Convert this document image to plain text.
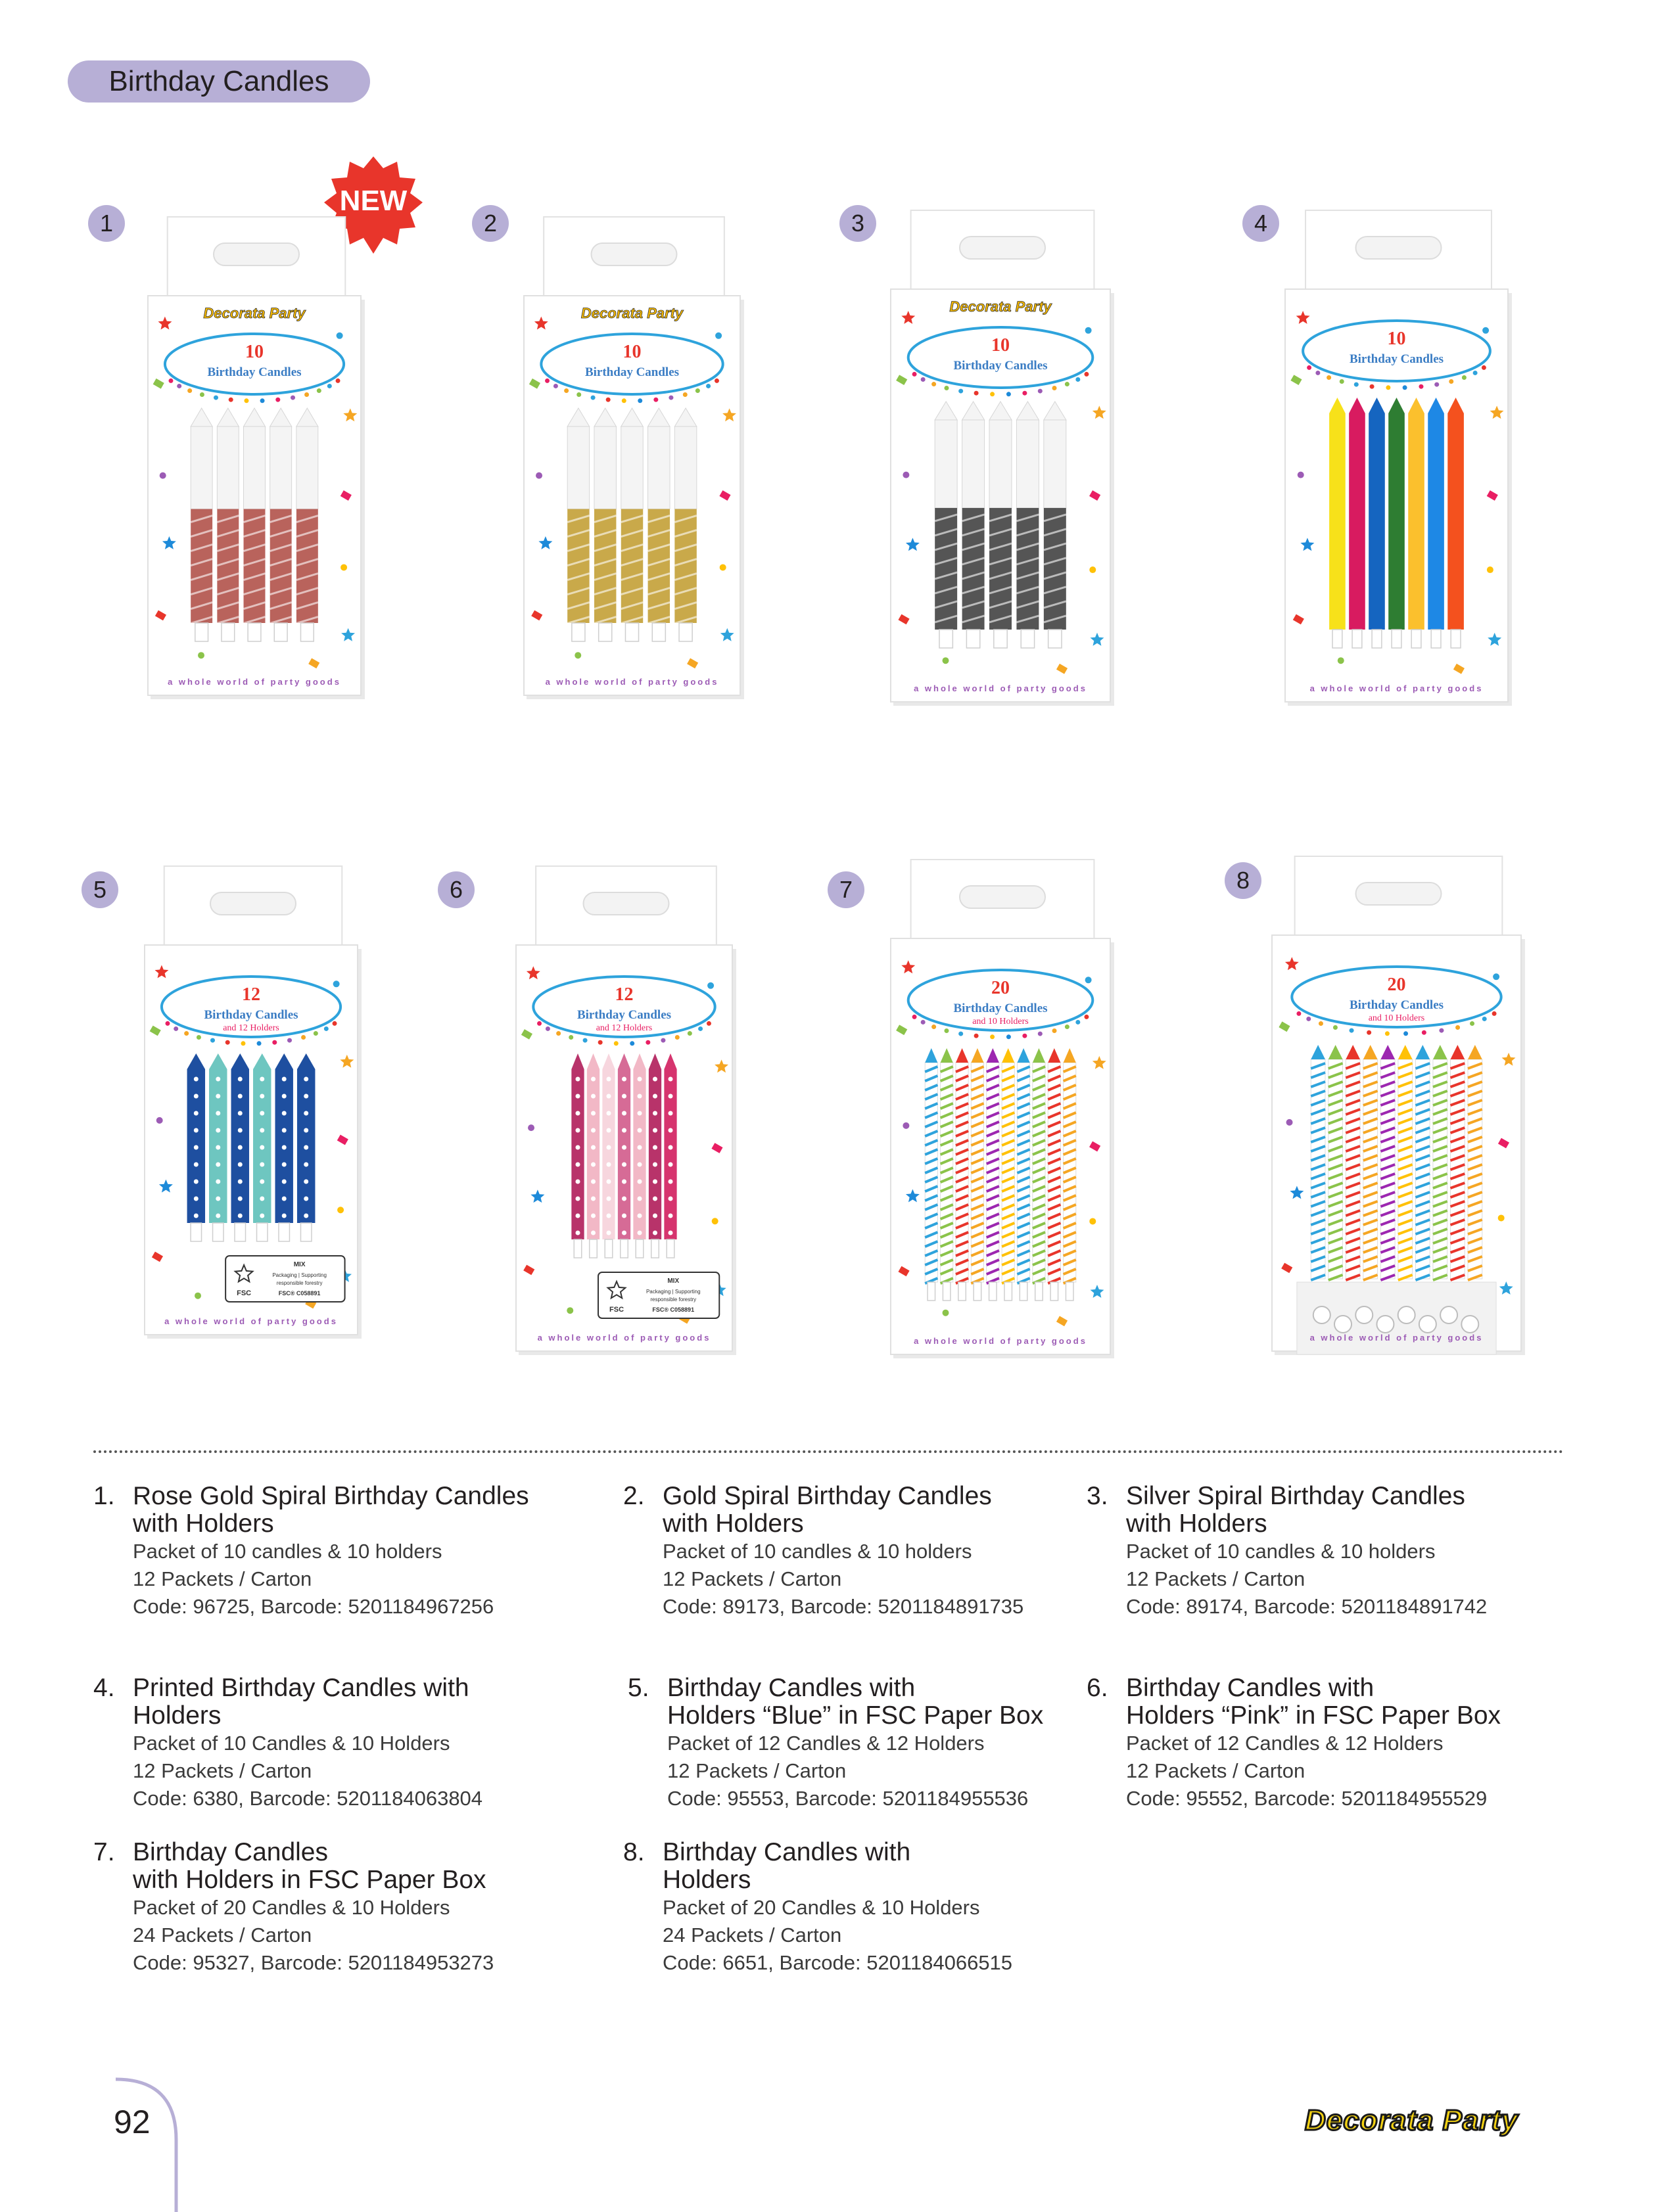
Birthday Candles
1	2	3	4
5	6	7	8
NEW
Decorata Party
10
Birthday Candles
a whole world of party goods
Decorata Party
10
Birthday Candles
a whole world of party goods
Decorata Party
10
Birthday Candles
a whole world of party goods
10
Birthday Candles
a whole world of party goods
12
Birthday Candles
and 12 Holders
FSC
MIX
Packaging | Supporting
responsible forestry
FSC® C058891
a whole world of party goods
12
Birthday Candles
and 12 Holders
FSC
MIX
Packaging | Supporting
responsible forestry
FSC® C058891
a whole world of party goods
20
Birthday Candles
and 10 Holders
a whole world of party goods
20
Birthday Candles
and 10 Holders
a whole world of party goods
1. Rose Gold Spiral Birthday Candles
with Holders
Packet of 10 candles & 10 holders
12 Packets / Carton
Code: 96725, Barcode: 5201184967256
2. Gold Spiral Birthday Candles
with Holders
Packet of 10 candles & 10 holders
12 Packets / Carton
Code: 89173, Barcode: 5201184891735
3. Silver Spiral Birthday Candles
with Holders
Packet of 10 candles & 10 holders
12 Packets / Carton
Code: 89174, Barcode: 5201184891742
4. Printed Birthday Candles with
Holders
Packet of 10 Candles & 10 Holders
12 Packets / Carton
Code: 6380, Barcode: 5201184063804
5. Birthday Candles with
Holders “Blue” in FSC Paper Box
Packet of 12 Candles & 12 Holders
12 Packets / Carton
Code: 95553, Barcode: 5201184955536
6. Birthday Candles with
Holders “Pink” in FSC Paper Box
Packet of 12 Candles & 12 Holders
12 Packets / Carton
Code: 95552, Barcode: 5201184955529
7. Birthday Candles
with Holders in FSC Paper Box
Packet of 20 Candles & 10 Holders
24 Packets / Carton
Code: 95327, Barcode: 5201184953273
8. Birthday Candles with
Holders
Packet of 20 Candles & 10 Holders
24 Packets / Carton
Code: 6651, Barcode: 5201184066515
92	Decorata Party
